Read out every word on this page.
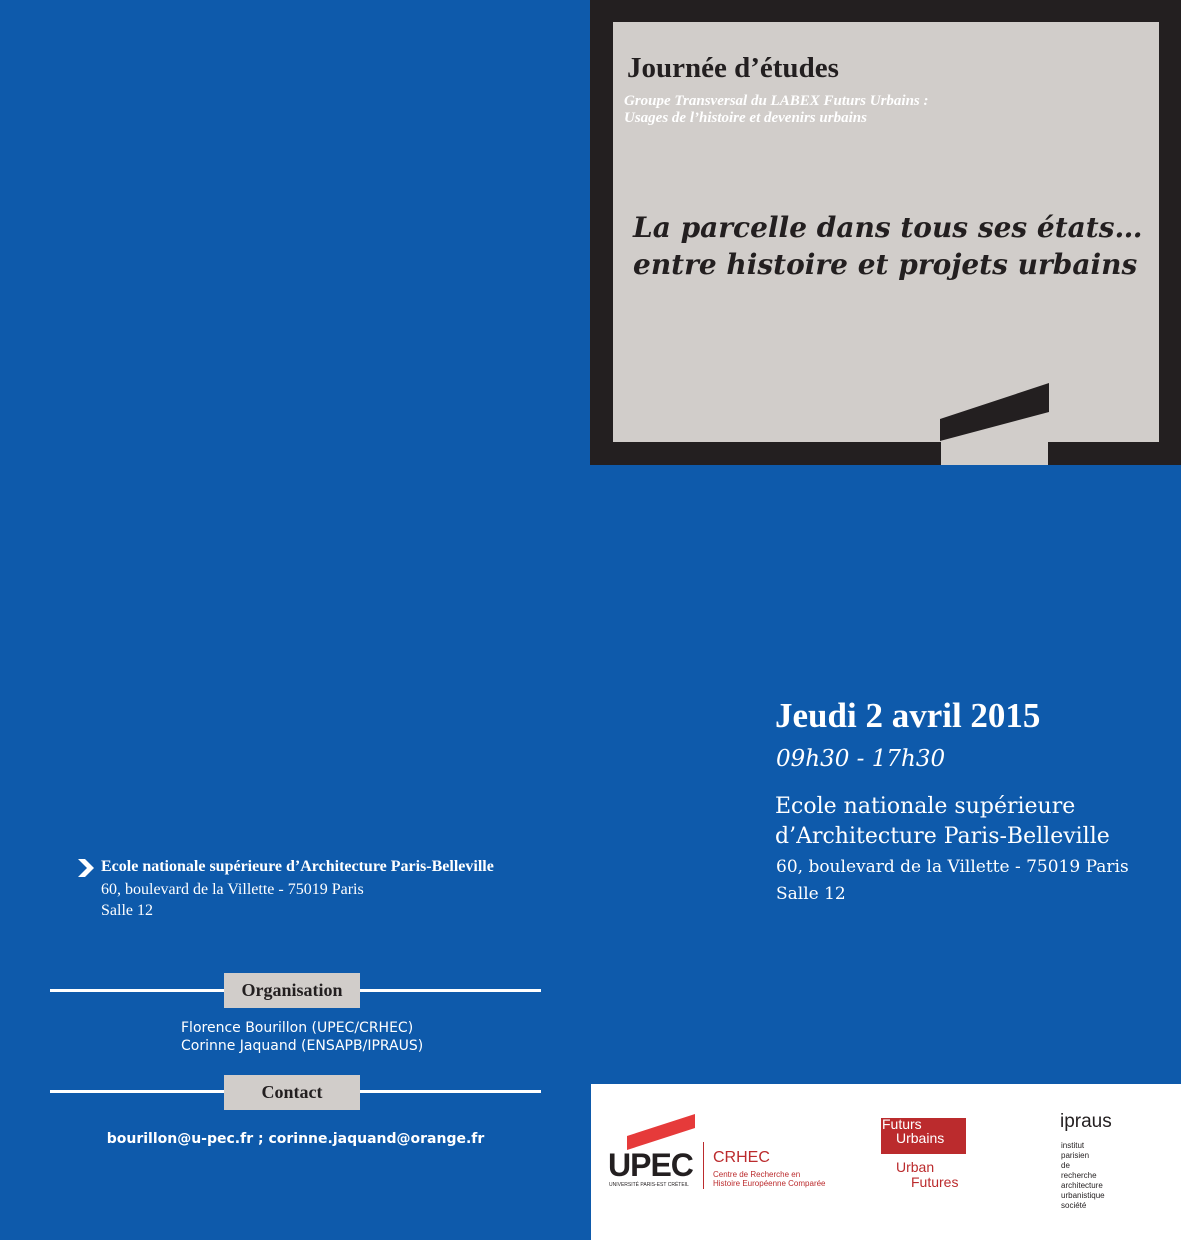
Journée d’études
Groupe Transversal du LABEX Futurs Urbains :
Usages de l’histoire et devenirs urbains
La parcelle dans tous ses états…
entre histoire et projets urbains
Jeudi 2 avril 2015
09h30 - 17h30
Ecole nationale supérieure
d’Architecture Paris-Belleville
60, boulevard de la Villette - 75019 Paris
Salle 12
Ecole nationale supérieure d’Architecture Paris-Belleville
60, boulevard de la Villette - 75019 Paris
Salle 12
Organisation
Florence Bourillon (UPEC/CRHEC)
Corinne Jaquand (ENSAPB/IPRAUS)
Contact
bourillon@u-pec.fr ; corinne.jaquand@orange.fr
UPEC
UNIVERSITÉ PARIS-EST CRÉTEIL
CRHEC
Centre de Recherche en
Histoire Européenne Comparée
Futurs
Urbains
Urban
Futures
ipraus
institut
parisien
de
recherche
architecture
urbanistique
société
